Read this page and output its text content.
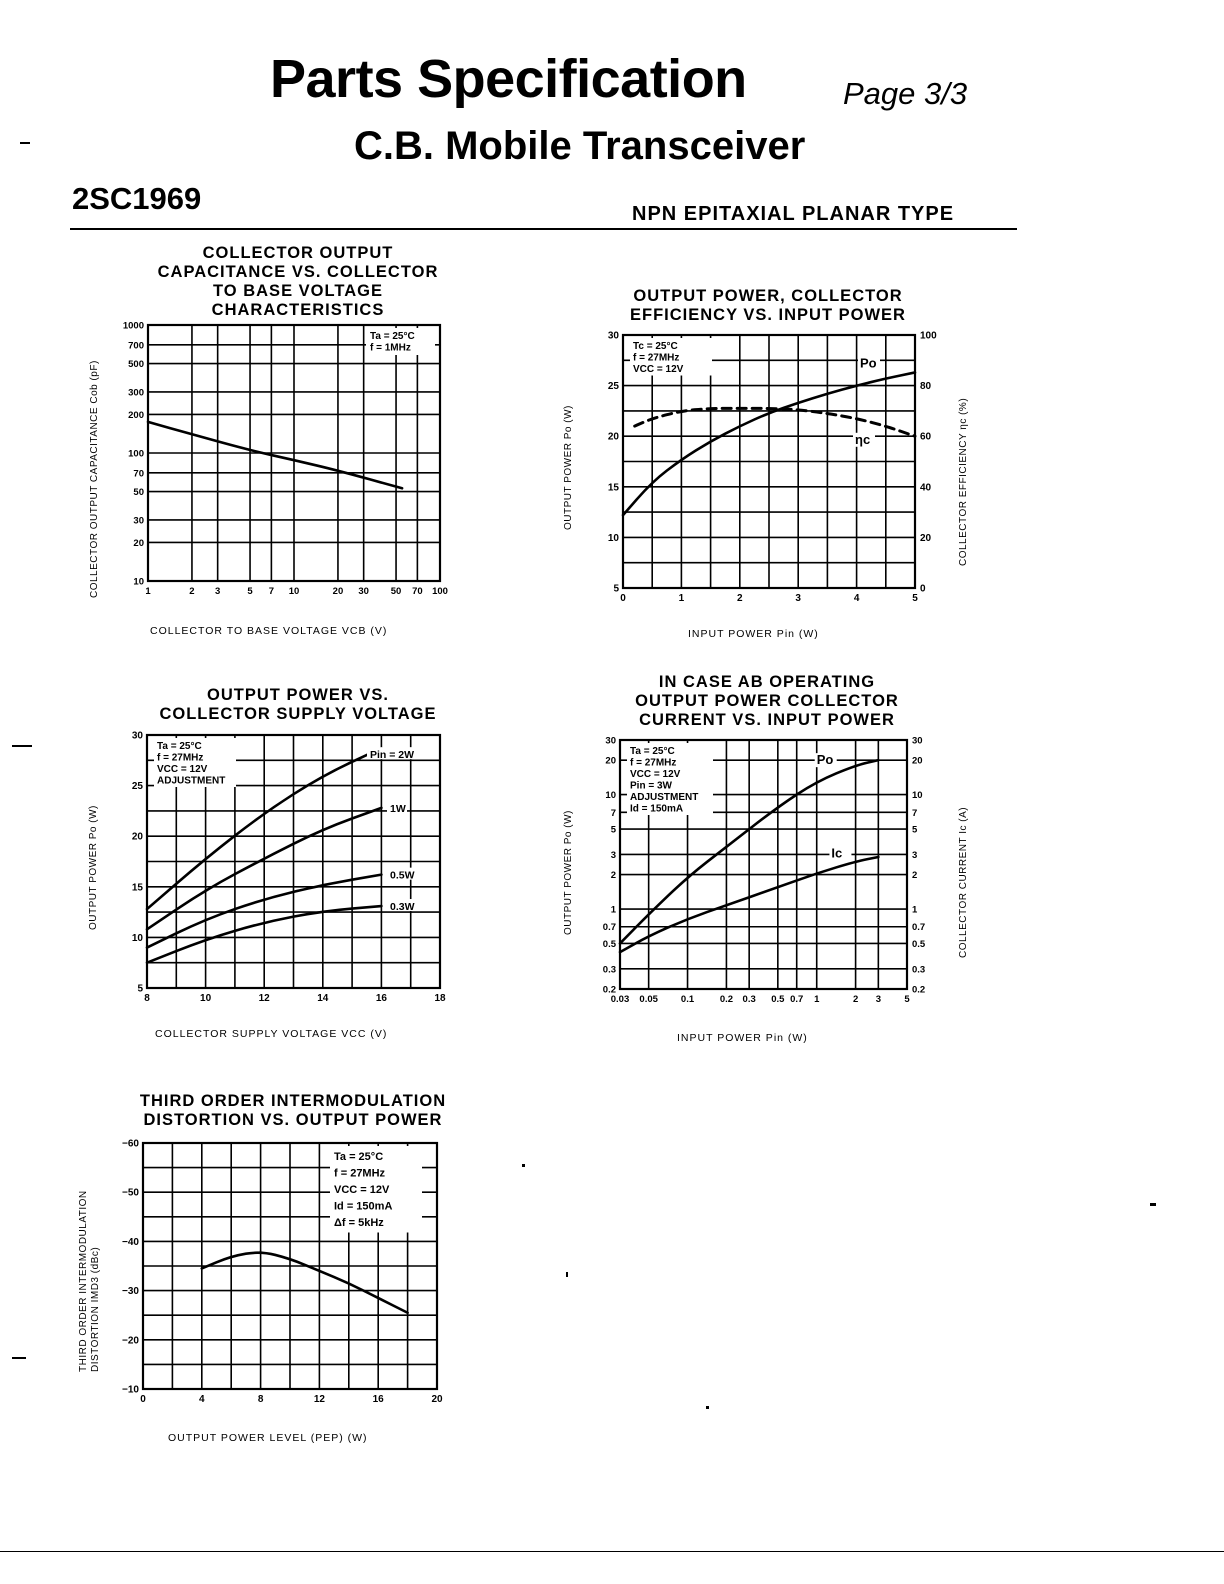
Parts Specification	Page 3/3
C.B. Mobile Transceiver
2SC1969	NPN EPITAXIAL PLANAR TYPE
COLLECTOR OUTPUT
CAPACITANCE VS. COLLECTOR
TO BASE VOLTAGE
CHARACTERISTICS
1	2 3	5 7 10	20 30 50 70 100
10
20
30
50
70
100
200
300
500
700
1000
Ta = 25°C
f = 1MHz
COLLECTOR TO BASE VOLTAGE VCB (V)
COLLECTOR OUTPUT CAPACITANCE Cob (pF)
OUTPUT POWER, COLLECTOR
EFFICIENCY VS. INPUT POWER
0	1	2	3	4	5
5
10
15
20
25
30
0
20
40
60
80
100
Tc = 25°C
f = 27MHz
VCC = 12V	Po
ηc
INPUT POWER Pin (W)
OUTPUT POWER Po (W)	COLLECTOR EFFICIENCY ηc (%)
OUTPUT POWER VS.
COLLECTOR SUPPLY VOLTAGE
8	10	12	14	16	18
5
10
15
20
25
30
Ta = 25°C
f = 27MHz
VCC = 12V
ADJUSTMENT
Pin = 2W
1W
0.5W
0.3W
COLLECTOR SUPPLY VOLTAGE VCC (V)
OUTPUT POWER Po (W)
IN CASE AB OPERATING
OUTPUT POWER COLLECTOR
CURRENT VS. INPUT POWER
0.03 0.05 0.1	0.2 0.3 0.5 0.7 1	2 3 5
0.2
0.3
0.5
0.7
1
2
3
5
7
10
20
30
0.2
0.3
0.5
0.7
1
2
3
5
7
10
20
30
Ta = 25°C
f = 27MHz
VCC = 12V
Pin = 3W
ADJUSTMENT
Id = 150mA
Po
Ic
INPUT POWER Pin (W)
OUTPUT POWER Po (W)	COLLECTOR CURRENT Ic (A)
THIRD ORDER INTERMODULATION
DISTORTION VS. OUTPUT POWER
0	4	8	12	16	20
−10
−20
−30
−40
−50
−60
Ta = 25°C
f = 27MHz
VCC = 12V
Id = 150mA
Δf = 5kHz
OUTPUT POWER LEVEL (PEP) (W)
THIRD ORDER INTERMODULATION DISTORTION IMD3 (dBc)
